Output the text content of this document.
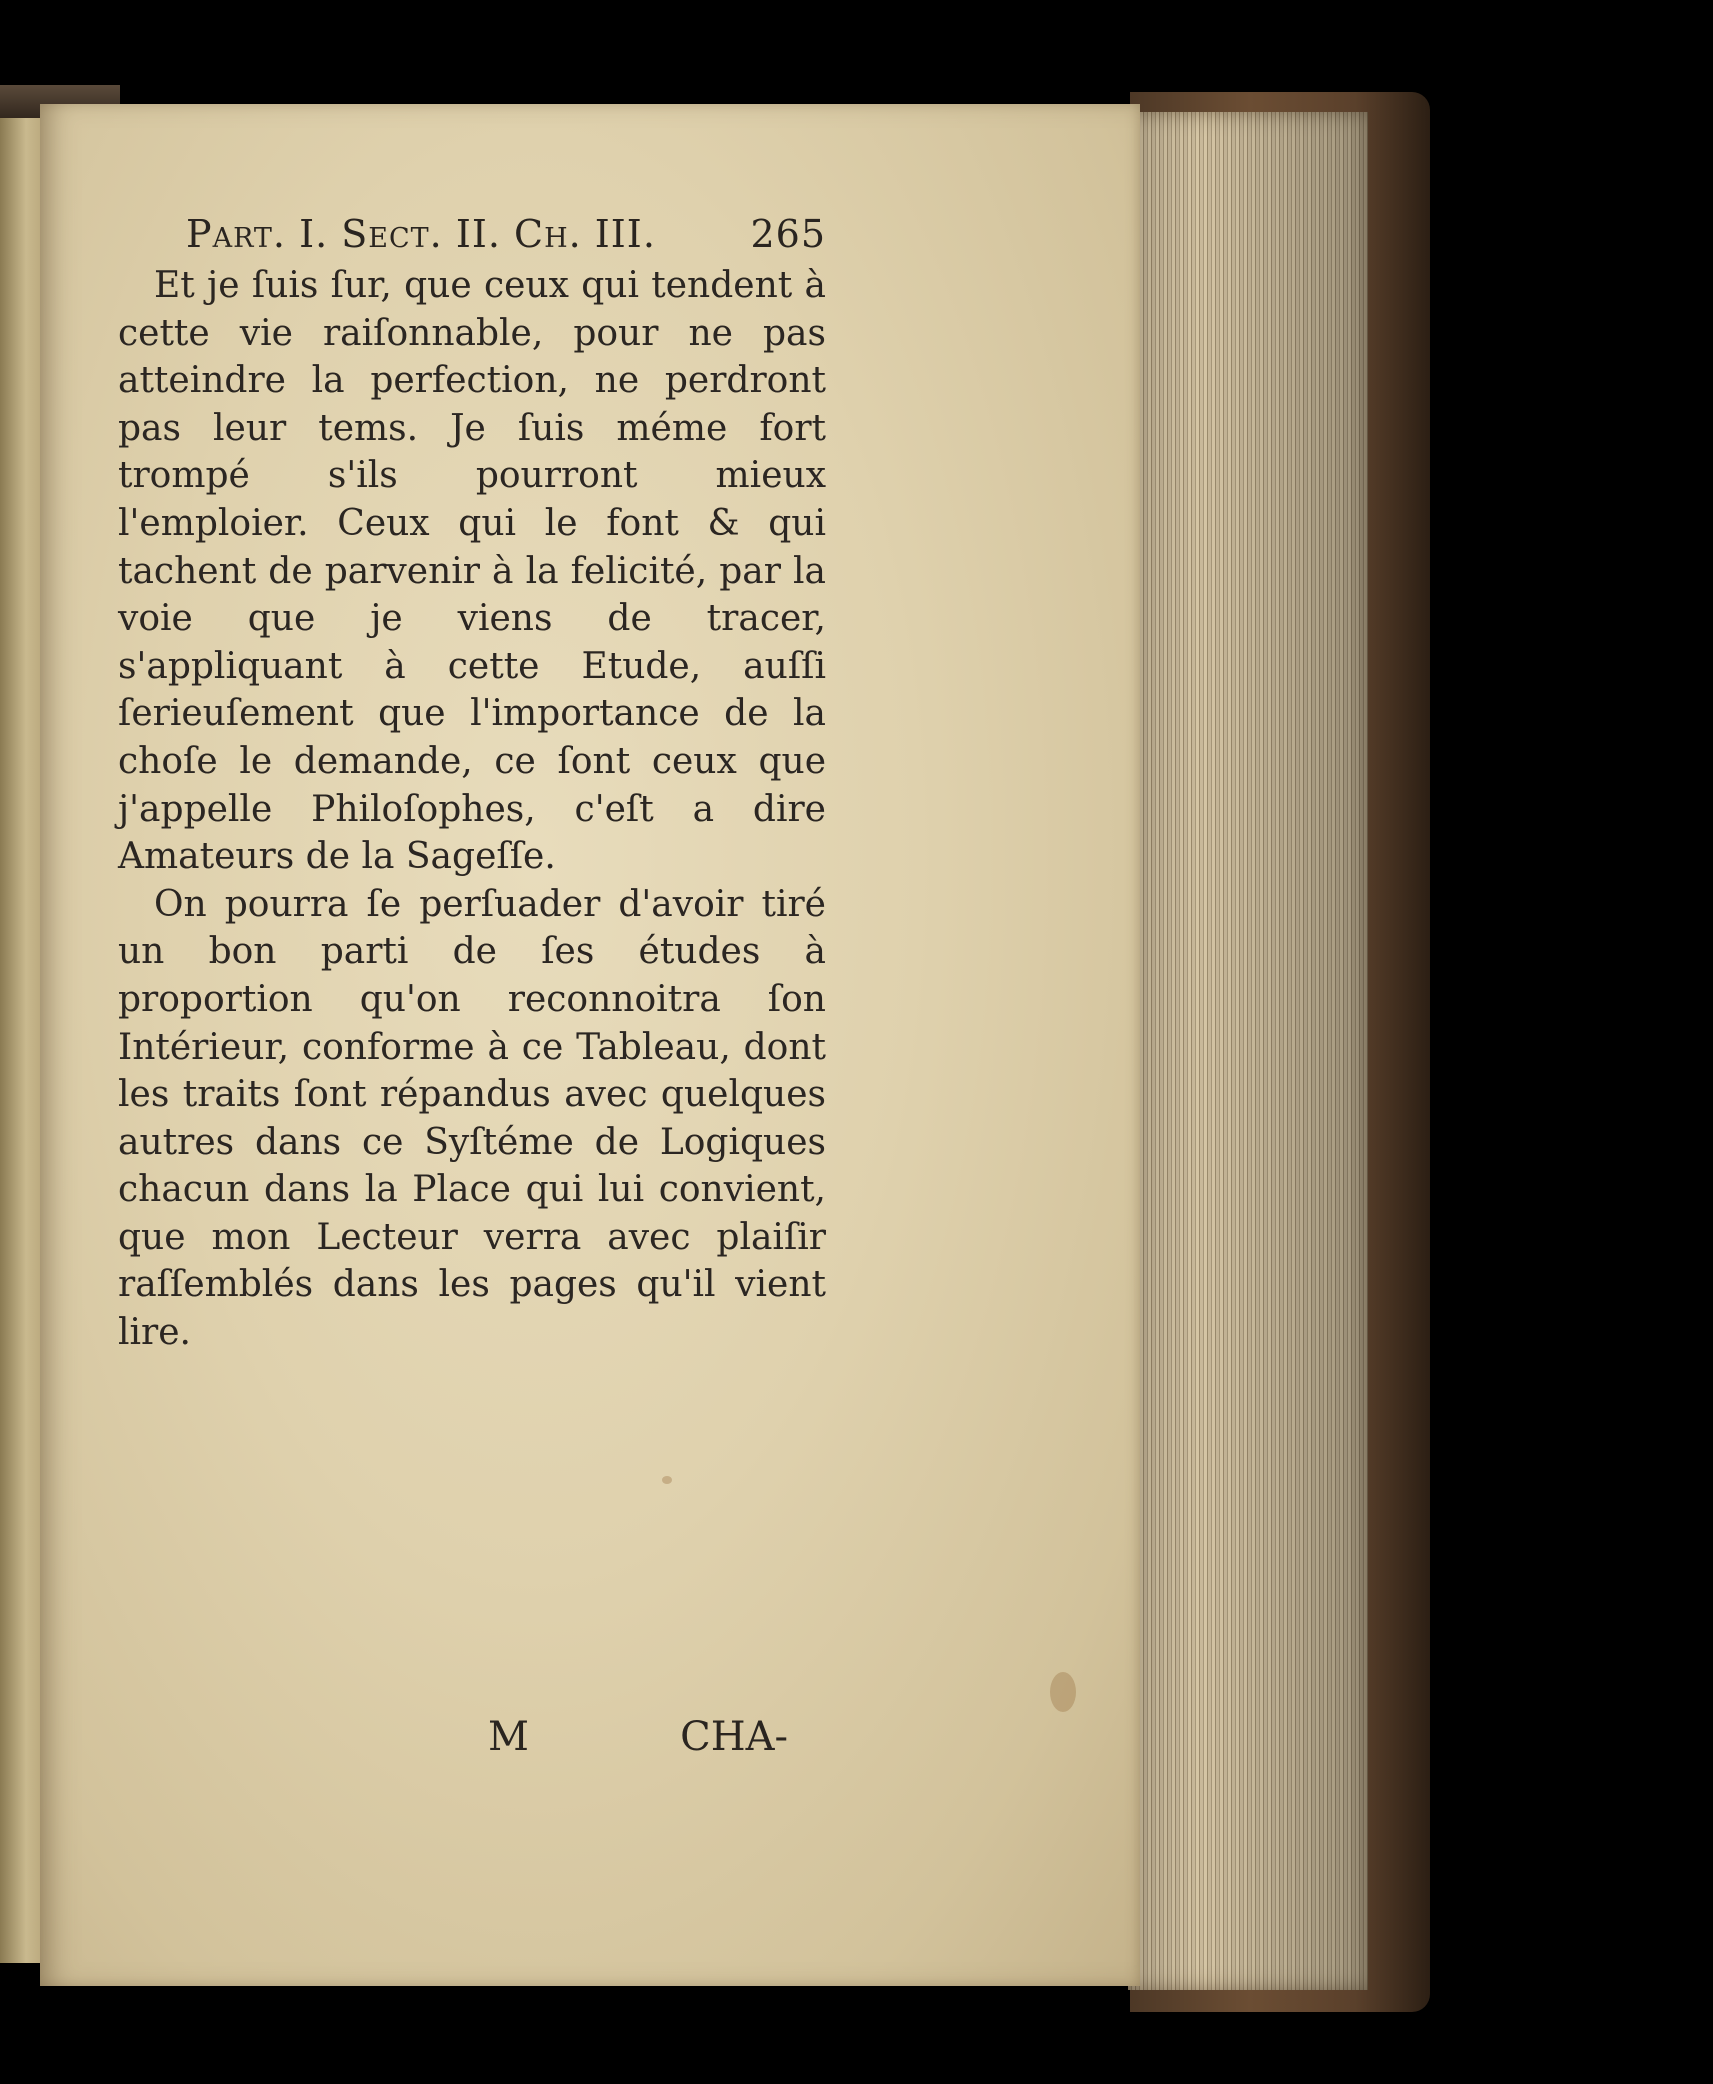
Part. I. Sect. II. Ch. III. 265

Et je ſuis ſur, que ceux qui tendent à cette vie raiſonnable, pour ne pas atteindre la perfection, ne perdront pas leur tems. Je ſuis méme fort trompé s'ils pourront mieux l'emploier. Ceux qui le font & qui tachent de parvenir à la felicité, par la voie que je viens de tracer, s'appliquant à cette Etude, auſſi ſerieuſement que l'importance de la choſe le demande, ce ſont ceux que j'appelle Philoſophes, c'eſt a dire Amateurs de la Sageſſe.

On pourra ſe perſuader d'avoir tiré un bon parti de ſes études à proportion qu'on reconnoitra ſon Intérieur, conforme à ce Tableau, dont les traits ſont répandus avec quelques autres dans ce Syſtéme de Logiques chacun dans la Place qui lui convient, que mon Lecteur verra avec plaiſir raſſemblés dans les pages qu'il vient lire.

M	CHA-
